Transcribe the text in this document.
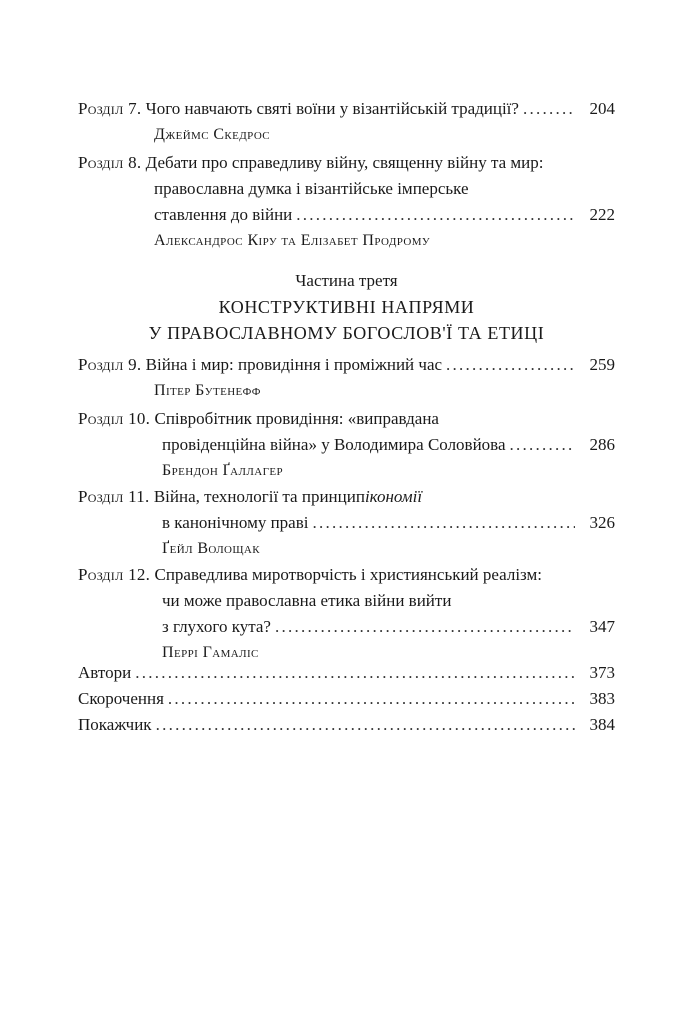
Розділ 7.
Чого навчають святі воїни у візантійській традиції? . . .	204
Джеймс Скедрос
Розділ 8.
Дебати про справедливу війну, священну війну та мир:
православна думка і візантійське імперське
ставлення до війни . . .	222
Александрос Кіру та Елізабет Продрому
Частина третя
КОНСТРУКТИВНІ НАПРЯМИ
У ПРАВОСЛАВНОМУ БОГОСЛОВ'Ї ТА ЕТИЦІ
Розділ 9.
Війна і мир: провидіння і проміжний час . . .	259
Пітер Бутенефф
Розділ 10.
Співробітник провидіння: «виправдана
провіденційна війна» у Володимира Соловйова . . .	286
Брендон Ґаллагер
Розділ 11.
Війна, технології та принцип ікономії
в канонічному праві . . .	326
Ґейл Волощак
Розділ 12.
Справедлива миротворчість і християнський реалізм:
чи може православна етика війни вийти
з глухого кута? . . .	347
Перрі Гамаліс
Автори . . .	373
Скорочення . . .	383
Покажчик . . .	384
